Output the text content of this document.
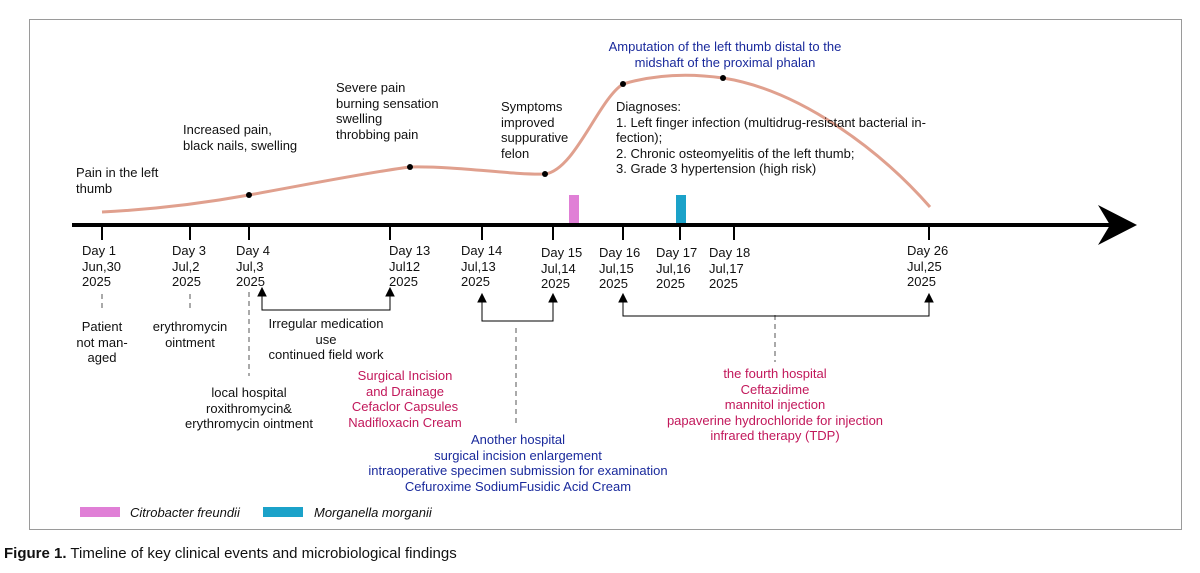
Pain in the left
thumb
Increased pain,
black nails, swelling
Severe pain
burning sensation
swelling
throbbing pain
Symptoms
improved
suppurative
felon
Amputation of the left thumb distal to the
midshaft of the proximal phalan
Diagnoses:
1. Left finger infection (multidrug-resistant bacterial in-
fection);
2. Chronic osteomyelitis of the left thumb;
3. Grade 3 hypertension (high risk)
Day 1
Jun,30
2025
Day 3
Jul,2
2025
Day 4
Jul,3
2025
Day 13
Jul12
2025
Day 14
Jul,13
2025
Day 15
Jul,14
2025
Day 16
Jul,15
2025
Day 17
Jul,16
2025
Day 18
Jul,17
2025
Day 26
Jul,25
2025
Patient
not man-
aged
erythromycin
ointment
local hospital
roxithromycin&
erythromycin ointment
Irregular medication
use
continued field work
Surgical Incision
and Drainage
Cefaclor Capsules
Nadifloxacin Cream
Another hospital
surgical incision enlargement
intraoperative specimen submission for examination
Cefuroxime SodiumFusidic Acid Cream
the fourth hospital
Ceftazidime
mannitol injection
papaverine hydrochloride for injection
infrared therapy (TDP)
Citrobacter freundii	Morganella morganii
Figure 1. Timeline of key clinical events and microbiological findings
